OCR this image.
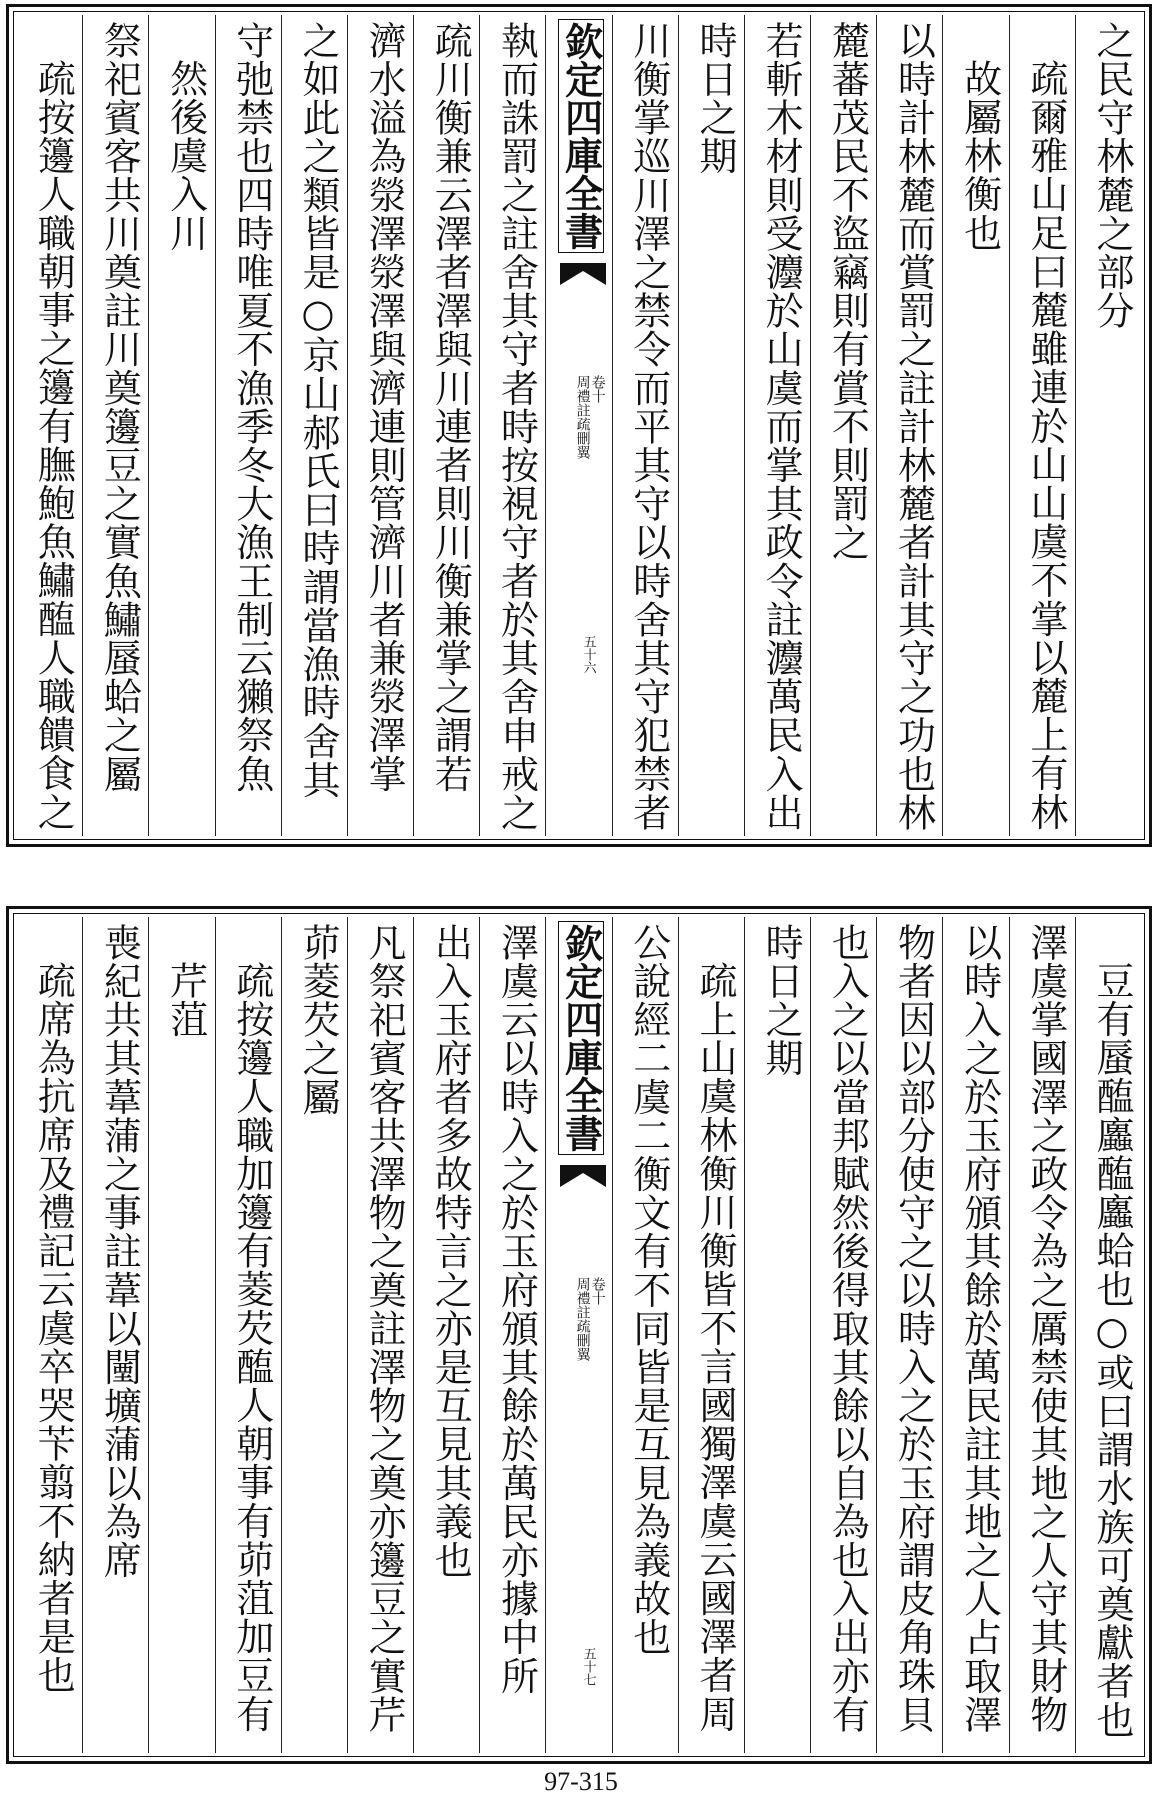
之民守林麓之部分
疏爾雅山足曰麓雖連於山山虞不掌以麓上有林
故屬林衡也
以時計林麓而賞罰之註計林麓者計其守之功也林
麓蕃茂民不盜竊則有賞不則罰之
若斬木材則受灋於山虞而掌其政令註灋萬民入出
時日之期
川衡掌巡川澤之禁令而平其守以時舍其守犯禁者
欽定四庫全書
周禮註疏刪翼 卷十
五十六
執而誅罰之註舍其守者時按視守者於其舍申戒之
疏川衡兼云澤者澤與川連者則川衡兼掌之謂若
濟水溢為滎澤滎澤與濟連則管濟川者兼滎澤掌
之如此之類皆是○京山郝氏曰時謂當漁時舍其
守弛禁也四時唯夏不漁季冬大漁王制云獺祭魚
然後虞入川
祭祀賓客共川奠註川奠籩豆之實魚鱐蜃蛤之屬
疏按籩人職朝事之籩有膴鮑魚鱐醢人職饋食之
豆有蜃醢蠯醢蠯蛤也○或曰謂水族可奠獻者也
澤虞掌國澤之政令為之厲禁使其地之人守其財物
以時入之於玉府頒其餘於萬民註其地之人占取澤
物者因以部分使守之以時入之於玉府謂皮角珠貝
也入之以當邦賦然後得取其餘以自為也入出亦有
時日之期
疏上山虞林衡川衡皆不言國獨澤虞云國澤者周
公說經二虞二衡文有不同皆是互見為義故也
欽定四庫全書
周禮註疏刪翼 卷十
五十七
澤虞云以時入之於玉府頒其餘於萬民亦據中所
出入玉府者多故特言之亦是互見其義也
凡祭祀賓客共澤物之奠註澤物之奠亦籩豆之實芹
茆菱芡之屬
疏按籩人職加籩有菱芡醢人朝事有茆菹加豆有
芹菹
喪紀共其葦蒲之事註葦以闉壙蒲以為席
疏席為抗席及禮記云虞卒哭苄翦不納者是也
97-315
